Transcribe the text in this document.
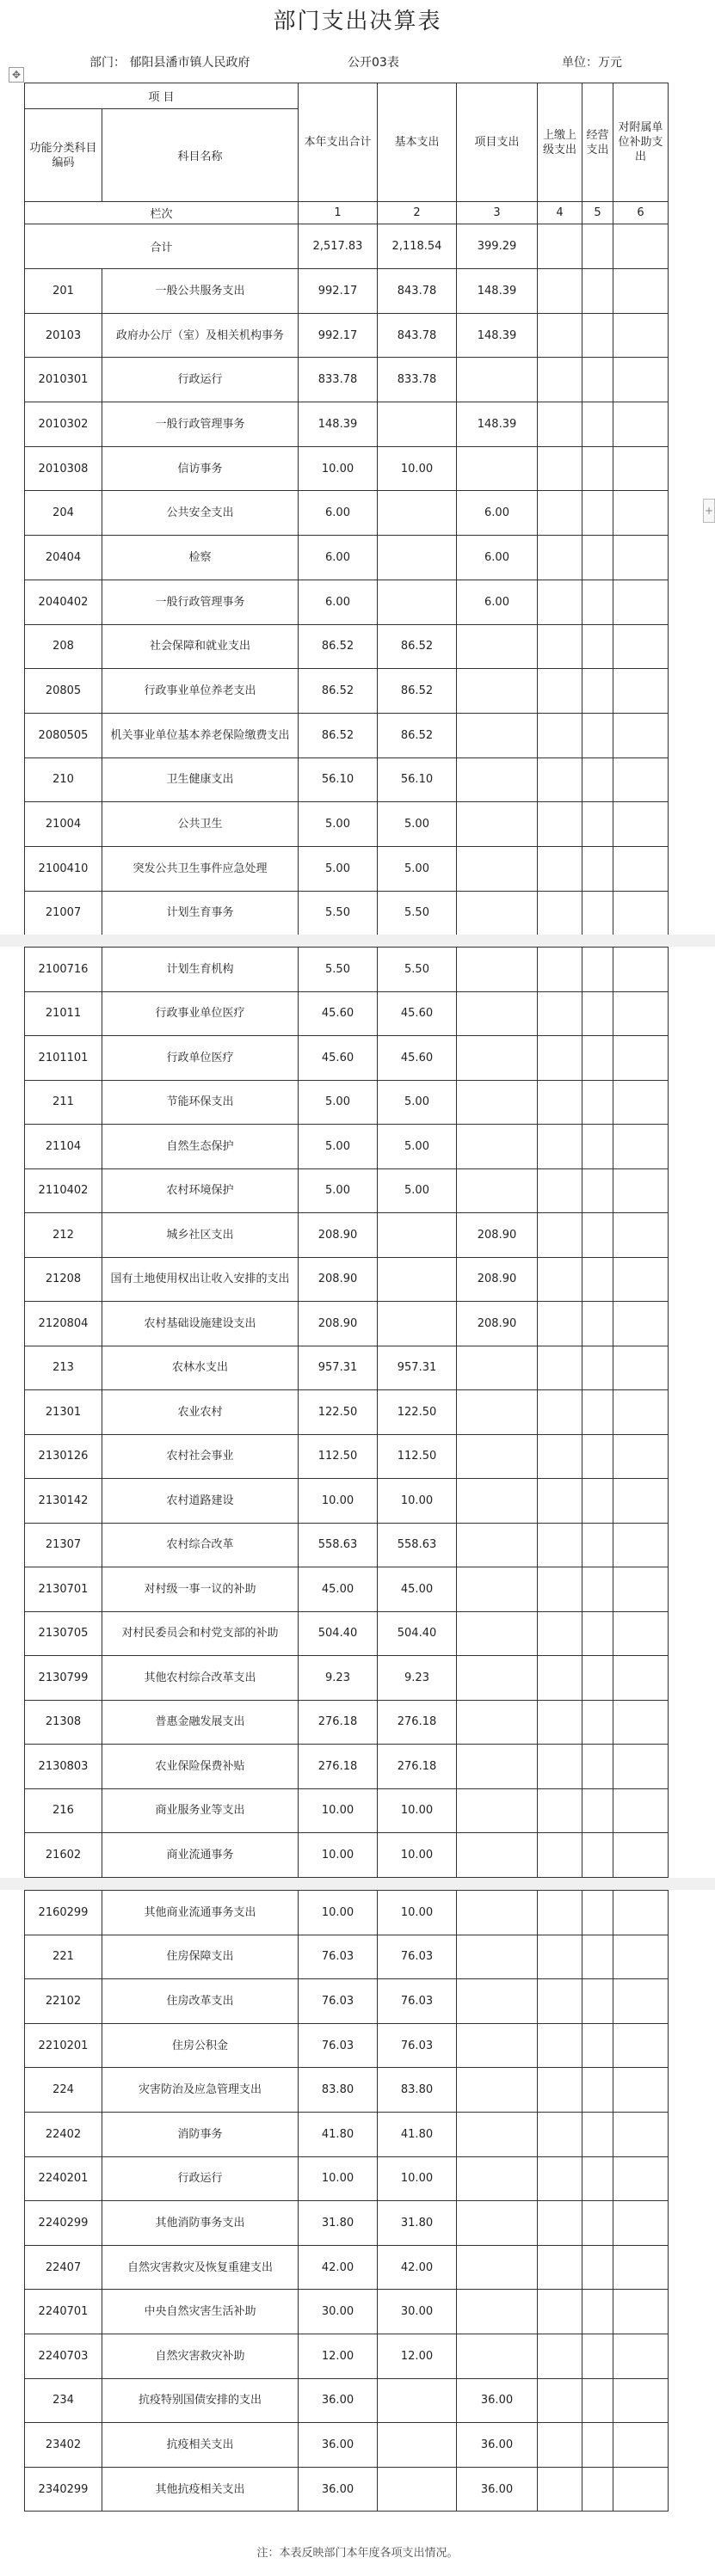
部门支出决算表
部门： 郁阳县潘市镇人民政府	公开03表	单位：万元
✥
+
项 目		本年支出合计	基本支出	项目支出	上缴上级支出	经营支出	对附属单位补助支出
功能分类科目编码	科目名称						
栏次		1	2	3	4	5	6
合计		2,517.83	2,118.54	399.29			
201	一般公共服务支出	992.17	843.78	148.39			
20103	政府办公厅（室）及相关机构事务	992.17	843.78	148.39			
2010301	行政运行	833.78	833.78				
2010302	一般行政管理事务	148.39		148.39			
2010308	信访事务	10.00	10.00				
204	公共安全支出	6.00		6.00			
20404	检察	6.00		6.00			
2040402	一般行政管理事务	6.00		6.00			
208	社会保障和就业支出	86.52	86.52				
20805	行政事业单位养老支出	86.52	86.52				
2080505	机关事业单位基本养老保险缴费支出	86.52	86.52				
210	卫生健康支出	56.10	56.10				
21004	公共卫生	5.00	5.00				
2100410	突发公共卫生事件应急处理	5.00	5.00				
21007	计划生育事务	5.50	5.50				
2100716	计划生育机构	5.50	5.50				
21011	行政事业单位医疗	45.60	45.60				
2101101	行政单位医疗	45.60	45.60				
211	节能环保支出	5.00	5.00				
21104	自然生态保护	5.00	5.00				
2110402	农村环境保护	5.00	5.00				
212	城乡社区支出	208.90		208.90			
21208	国有土地使用权出让收入安排的支出	208.90		208.90			
2120804	农村基础设施建设支出	208.90		208.90			
213	农林水支出	957.31	957.31				
21301	农业农村	122.50	122.50				
2130126	农村社会事业	112.50	112.50				
2130142	农村道路建设	10.00	10.00				
21307	农村综合改革	558.63	558.63				
2130701	对村级一事一议的补助	45.00	45.00				
2130705	对村民委员会和村党支部的补助	504.40	504.40				
2130799	其他农村综合改革支出	9.23	9.23				
21308	普惠金融发展支出	276.18	276.18				
2130803	农业保险保费补贴	276.18	276.18				
216	商业服务业等支出	10.00	10.00				
21602	商业流通事务	10.00	10.00				
2160299	其他商业流通事务支出	10.00	10.00				
221	住房保障支出	76.03	76.03				
22102	住房改革支出	76.03	76.03				
2210201	住房公积金	76.03	76.03				
224	灾害防治及应急管理支出	83.80	83.80				
22402	消防事务	41.80	41.80				
2240201	行政运行	10.00	10.00				
2240299	其他消防事务支出	31.80	31.80				
22407	自然灾害救灾及恢复重建支出	42.00	42.00				
2240701	中央自然灾害生活补助	30.00	30.00				
2240703	自然灾害救灾补助	12.00	12.00				
234	抗疫特别国债安排的支出	36.00		36.00			
23402	抗疫相关支出	36.00		36.00			
2340299	其他抗疫相关支出	36.00		36.00			
注：本表反映部门本年度各项支出情况。
